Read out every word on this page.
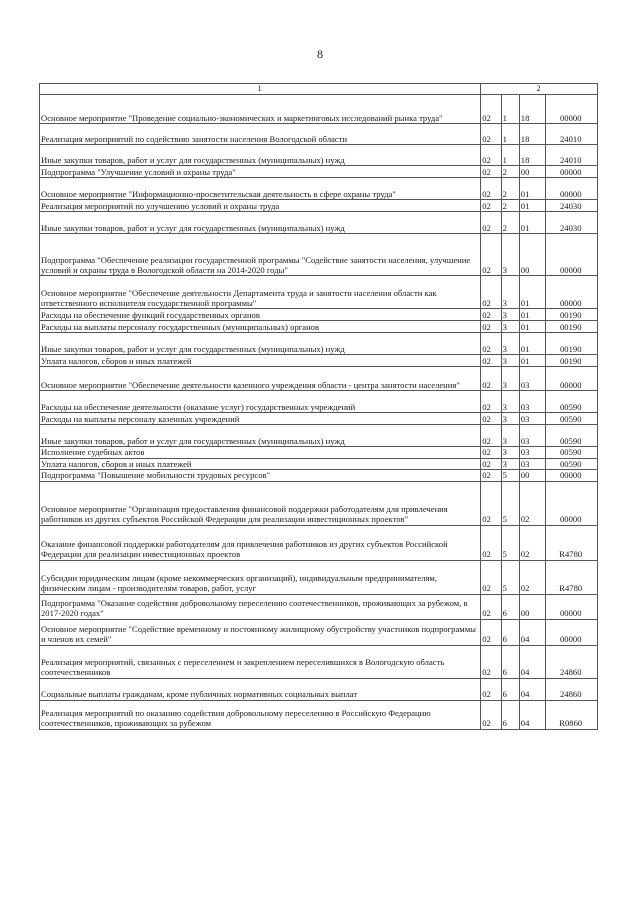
8
1	2			
Основное мероприятие "Проведение социально-экономических и маркетинговых исследований рынка труда"	02	1	18	00000
Реализация мероприятий по содействию занятости населения Вологодской области	02	1	18	24010
Иные закупки товаров, работ и услуг для государственных (муниципальных) нужд	02	1	18	24010
Подпрограмма "Улучшение условий и охраны труда"	02	2	00	00000
Основное мероприятие "Информационно-просветительская деятельность в сфере охраны труда"	02	2	01	00000
Реализация мероприятий по улучшению условий и охраны труда	02	2	01	24030
Иные закупки товаров, работ и услуг для государственных (муниципальных) нужд	02	2	01	24030
Подпрограмма "Обеспечение реализации государственной программы "Содействие занятости населения, улучшение условий и охраны труда в Вологодской области на 2014-2020 годы"	02	3	00	00000
Основное мероприятие "Обеспечение деятельности Департамента труда и занятости населения области как ответственного исполнителя государственной программы"	02	3	01	00000
Расходы на обеспечение функций государственных органов	02	3	01	00190
Расходы на выплаты персоналу государственных (муниципальных) органов	02	3	01	00190
Иные закупки товаров, работ и услуг для государственных (муниципальных) нужд	02	3	01	00190
Уплата налогов, сборов и иных платежей	02	3	01	00190
Основное мероприятие "Обеспечение деятельности казенного учреждения области - центра занятости населения"	02	3	03	00000
Расходы на обеспечение деятельности (оказание услуг) государственных учреждений	02	3	03	00590
Расходы на выплаты персоналу казенных учреждений	02	3	03	00590
Иные закупки товаров, работ и услуг для государственных (муниципальных) нужд	02	3	03	00590
Исполнение судебных актов	02	3	03	00590
Уплата налогов, сборов и иных платежей	02	3	03	00590
Подпрограмма "Повышение мобильности трудовых ресурсов"	02	5	00	00000
Основное мероприятие "Организация предоставления финансовой поддержки работодателям для привлечения работников из других субъектов Российской Федерации для реализации инвестиционных проектов"	02	5	02	00000
Оказание финансовой поддержки работодателям для привлечения работников из других субъектов Российской Федерации для реализации инвестиционных проектов	02	5	02	R4780
Субсидии юридическим лицам (кроме некоммерческих организаций), индивидуальным предпринимателям, физическим лицам - производителям товаров, работ, услуг	02	5	02	R4780
Подпрограмма "Оказание содействия добровольному переселению соотечественников, проживающих за рубежом, в 2017-2020 годах"	02	6	00	00000
Основное мероприятие "Содействие временному и постоянному жилищному обустройству участников подпрограммы и членов их семей"	02	6	04	00000
Реализация мероприятий, связанных с переселением и закреплением переселившихся в Вологодскую область соотечественников	02	6	04	24860
Социальные выплаты гражданам, кроме публичных нормативных социальных выплат	02	6	04	24860
Реализация мероприятий по оказанию содействия добровольному переселению в Российскую Федерацию соотечественников, проживающих за рубежом	02	6	04	R0860
